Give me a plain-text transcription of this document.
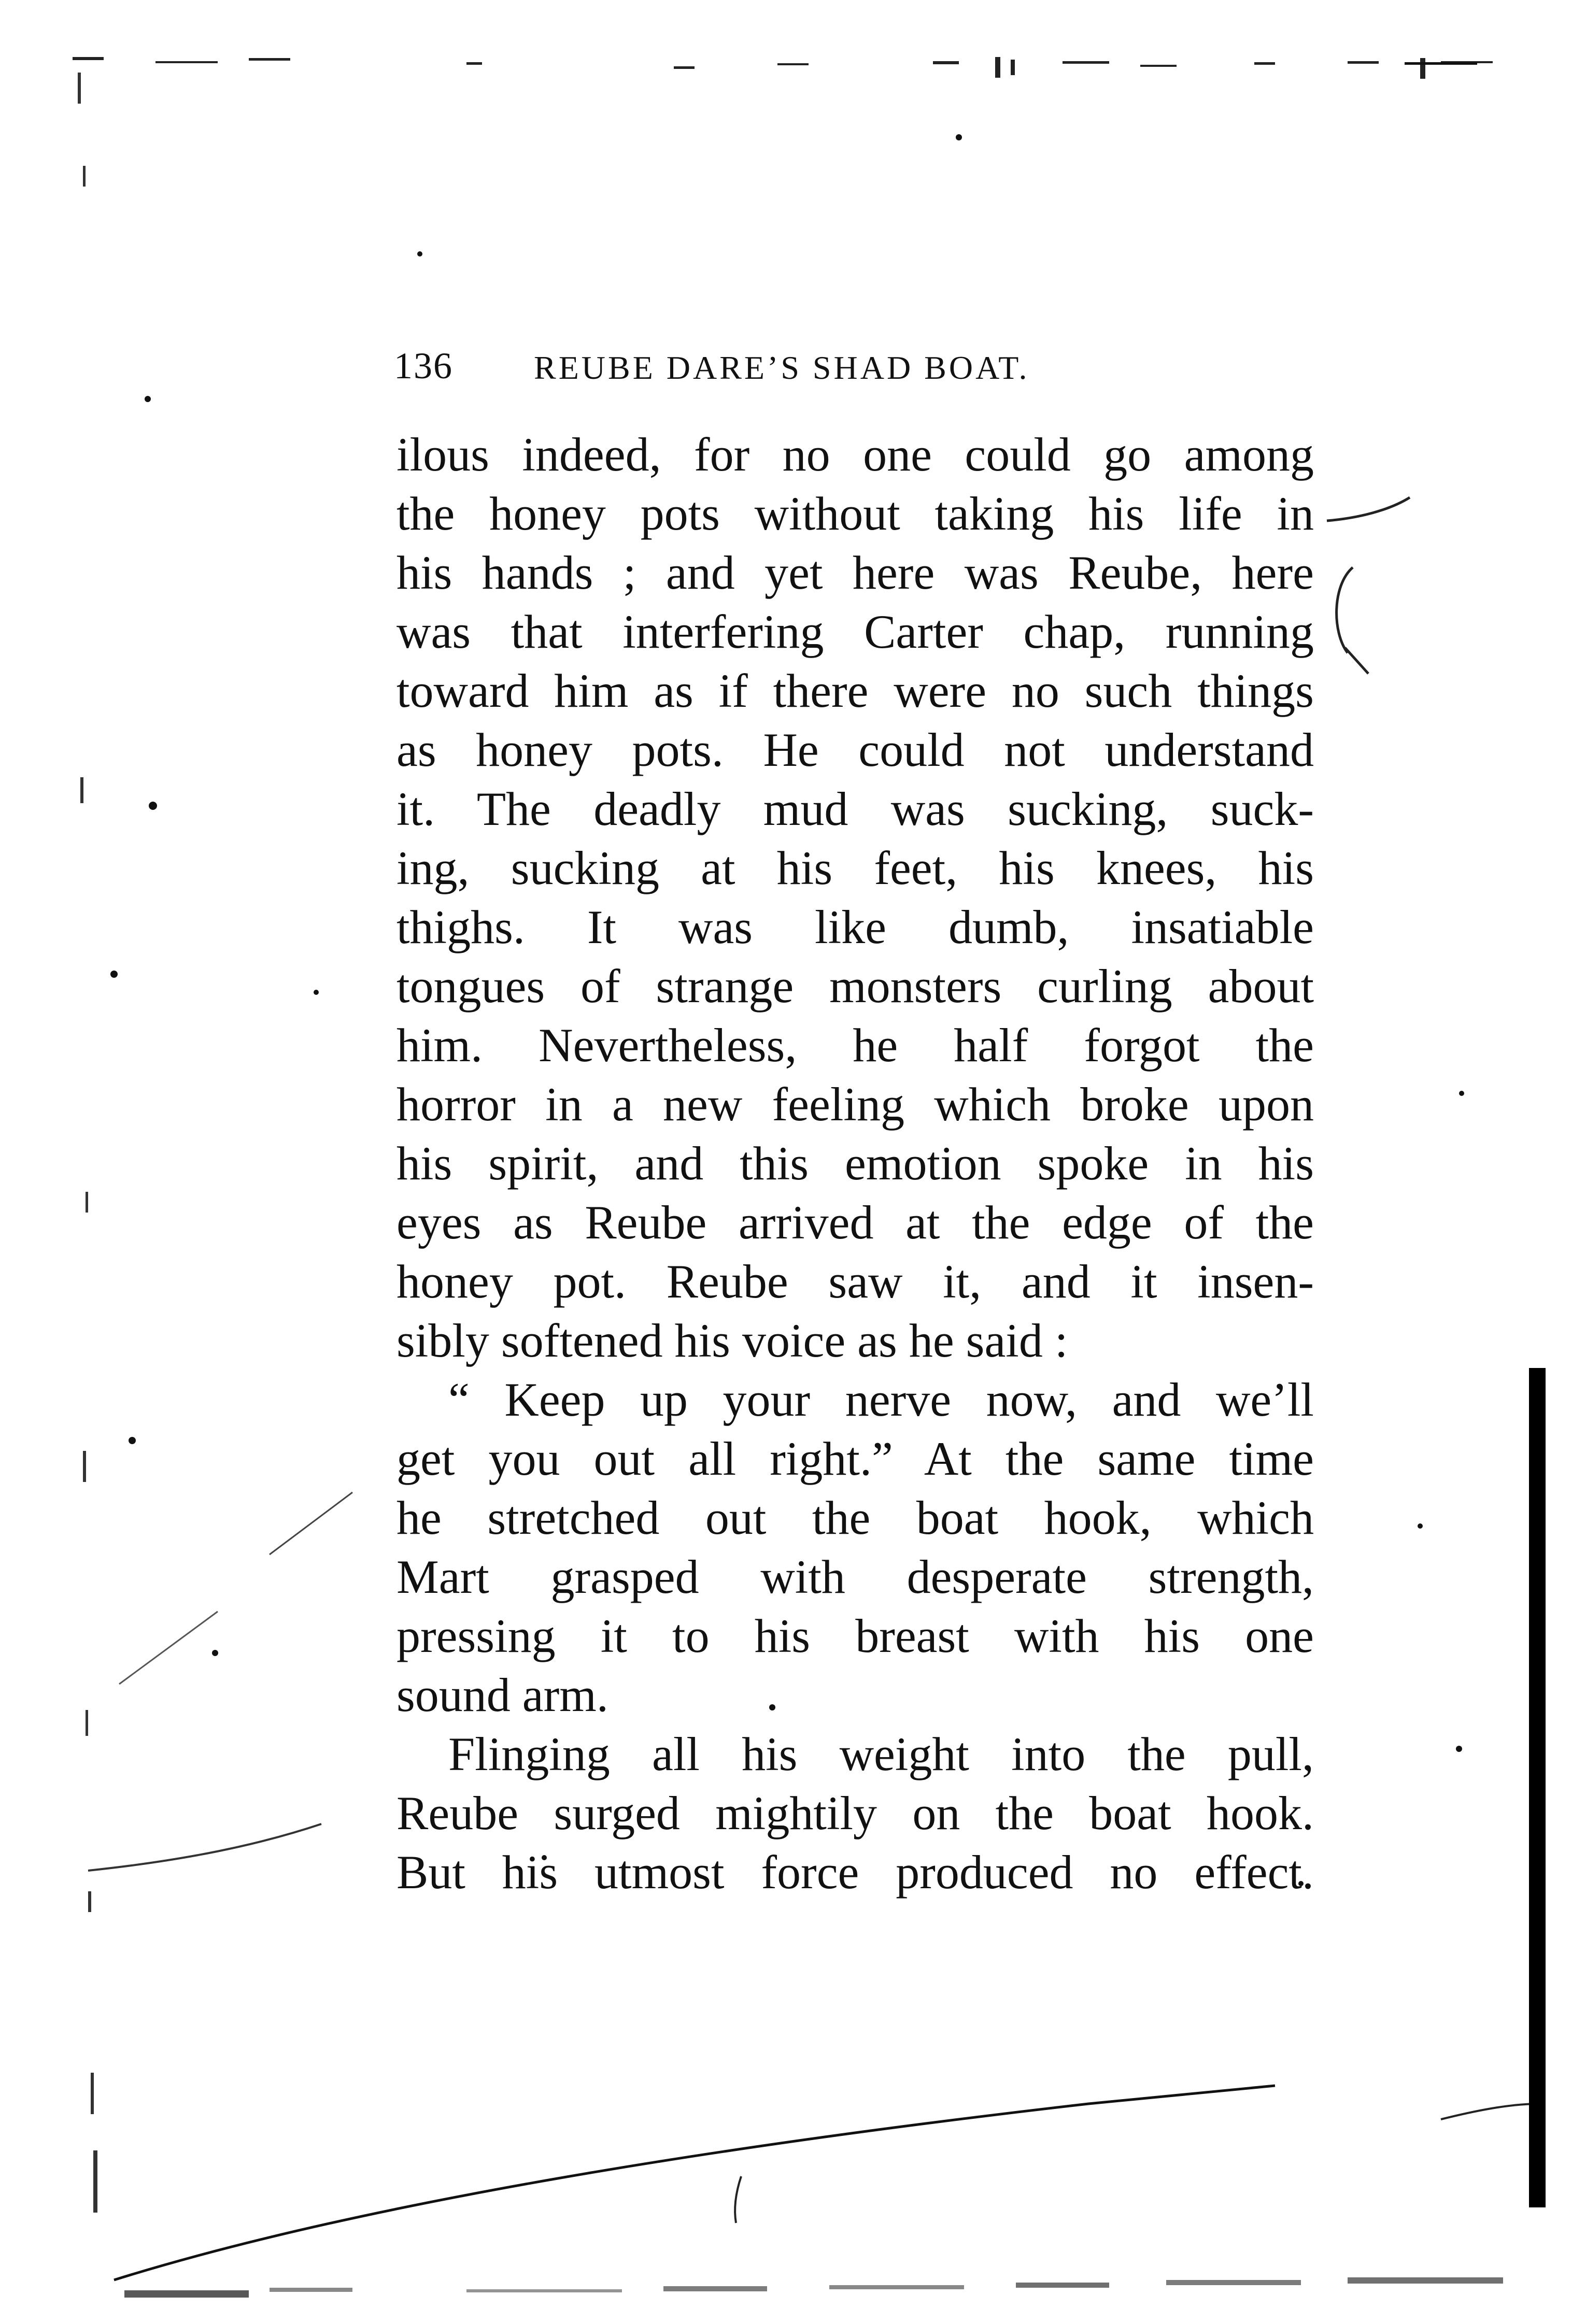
136 REUBE DARE’S SHAD BOAT.
ilous indeed, for no one could go among
the honey pots without taking his life in
his hands ; and yet here was Reube, here
was that interfering Carter chap, running
toward him as if there were no such things
as honey pots. He could not understand
it. The deadly mud was sucking, suck-
ing, sucking at his feet, his knees, his
thighs. It was like dumb, insatiable
tongues of strange monsters curling about
him. Nevertheless, he half forgot the
horror in a new feeling which broke upon
his spirit, and this emotion spoke in his
eyes as Reube arrived at the edge of the
honey pot. Reube saw it, and it insen-
sibly softened his voice as he said :
“ Keep up your nerve now, and we’ll
get you out all right.” At the same time
he stretched out the boat hook, which
Mart grasped with desperate strength,
pressing it to his breast with his one
sound arm.
Flinging all his weight into the pull,
Reube surged mightily on the boat hook.
But his utmost force produced no effect.
